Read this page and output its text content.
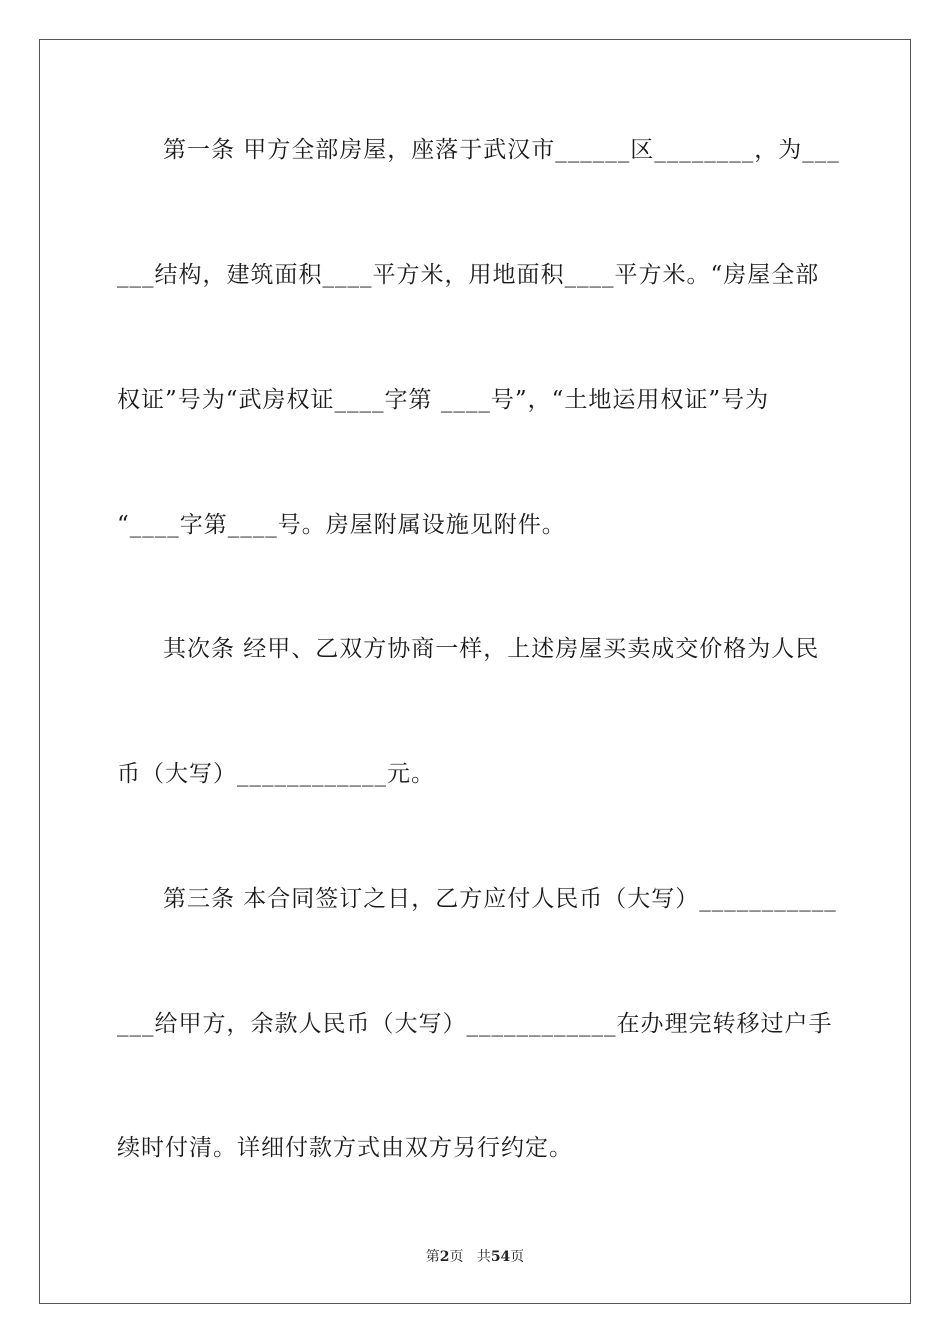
第一条 甲方全部房屋，座落于武汉市______区________，为___
___结构，建筑面积____平方米，用地面积____平方米。“房屋全部
权证”号为“武房权证____字第 ____号”，“土地运用权证”号为
“____字第____号。房屋附属设施见附件。
其次条 经甲、乙双方协商一样，上述房屋买卖成交价格为人民
币（大写）____________元。
第三条 本合同签订之日，乙方应付人民币（大写）___________
___给甲方，余款人民币（大写）____________在办理完转移过户手
续时付清。详细付款方式由双方另行约定。
第2页 共54页
